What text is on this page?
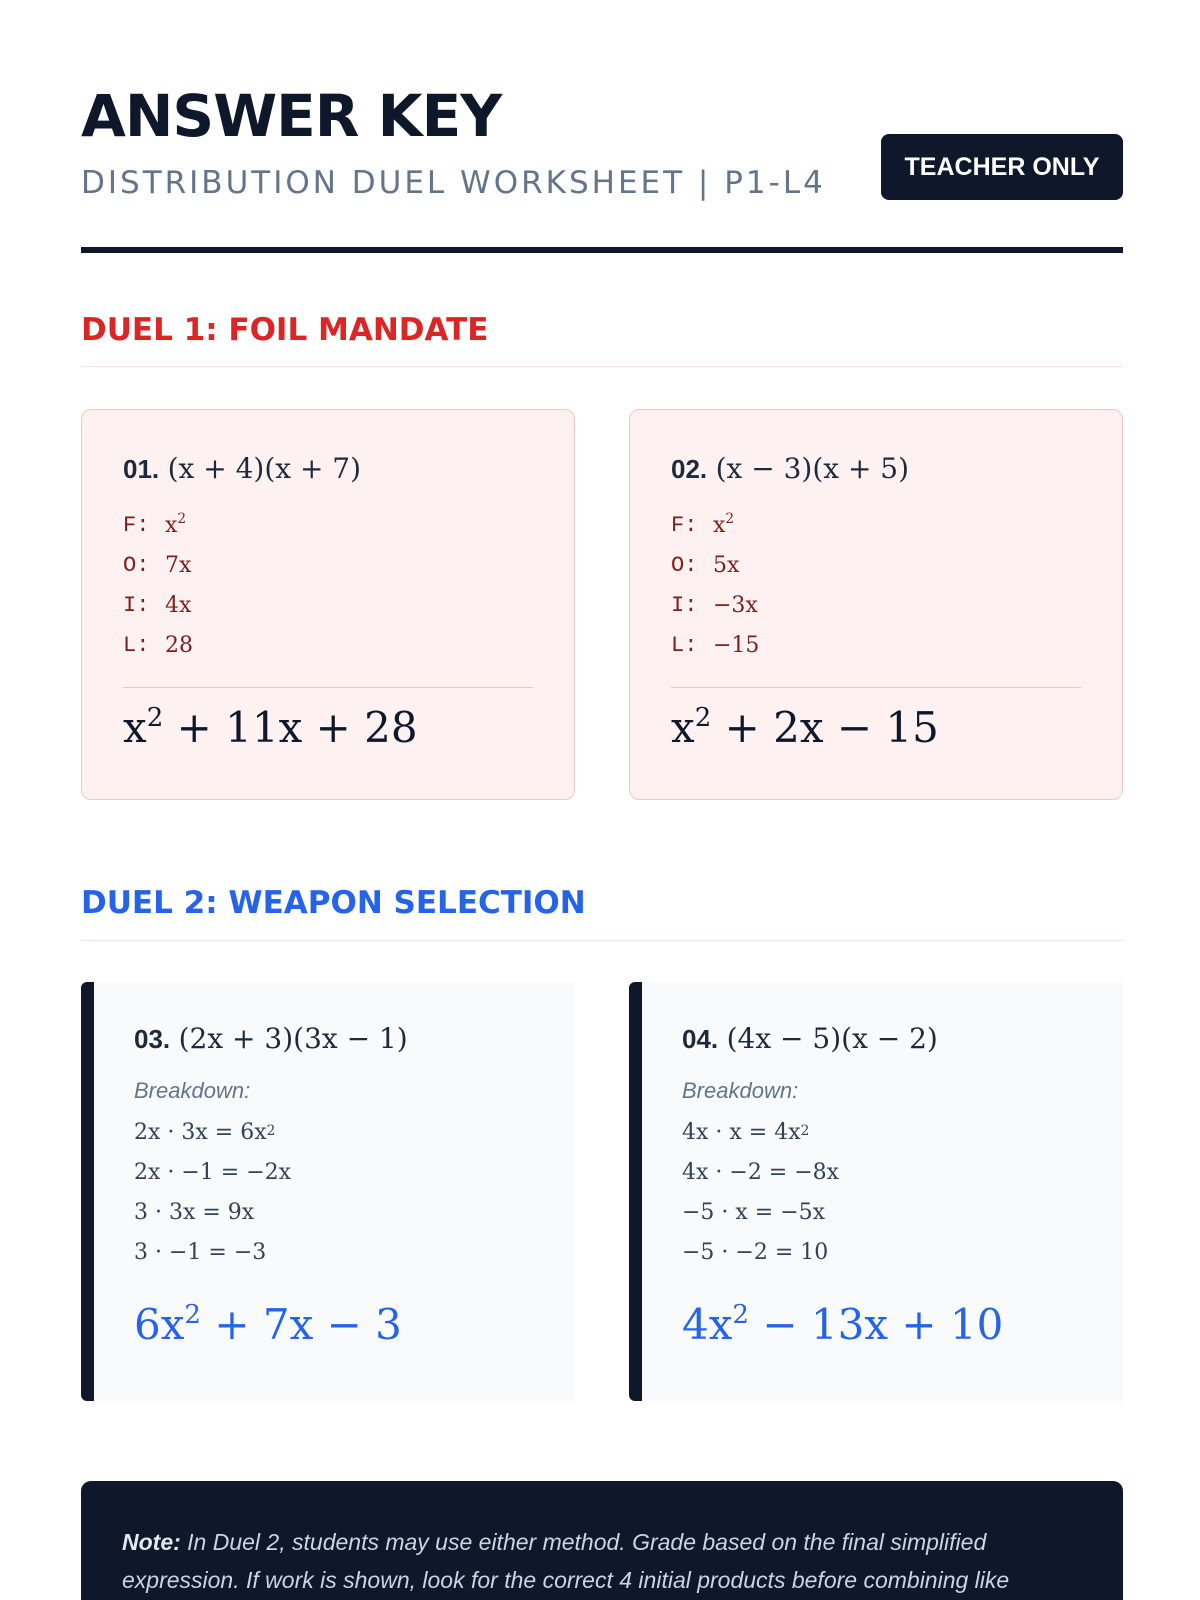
ANSWER KEY
DISTRIBUTION DUEL WORKSHEET | P1-L4	TEACHER ONLY
DUEL 1: FOIL MANDATE
01. (x + 4)(x + 7)
F: $x^2$
O: 7x
I: 4x
L: 28
$x^2 + 11x + 28$
02. (x − 3)(x + 5)
F: $x^2$
O: 5x
I: −3x
L: −15
$x^2 + 2x - 15$
DUEL 2: WEAPON SELECTION
03. (2x + 3)(3x − 1)
Breakdown:
$2x \cdot 3x = 6x^2$
2x · −1 = −2x
3 · 3x = 9x
3 · −1 = −3
$6x^2 + 7x - 3$
04. (4x − 5)(x − 2)
Breakdown:
$4x \cdot x = 4x^2$
4x · −2 = −8x
−5 · x = −5x
−5 · −2 = 10
$4x^2 - 13x + 10$

Note: In Duel 2, students may use either method. Grade based on the final simplified expression. If work is shown, look for the correct 4 initial products before combining like
